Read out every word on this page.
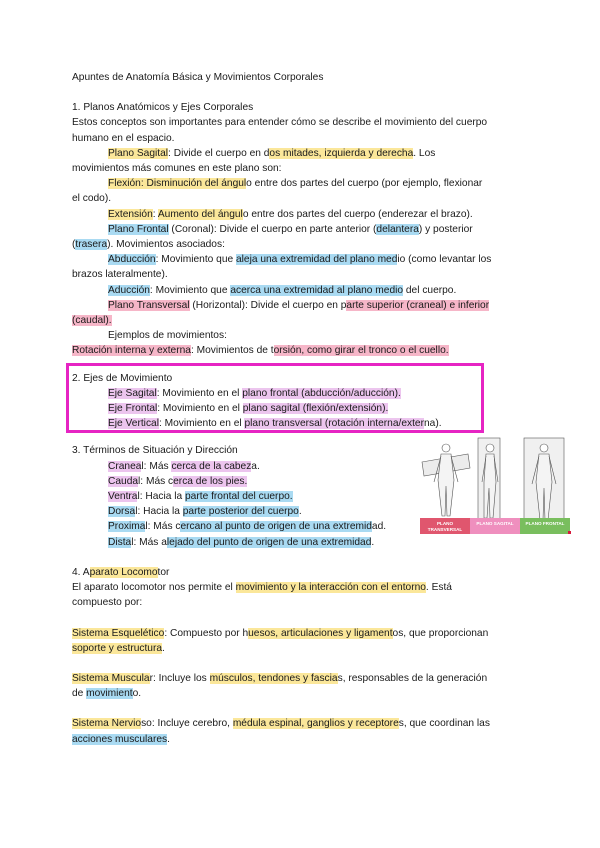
Apuntes de Anatomía Básica y Movimientos Corporales
1. Planos Anatómicos y Ejes Corporales
Estos conceptos son importantes para entender cómo se describe el movimiento del cuerpo
humano en el espacio.
Plano Sagital: Divide el cuerpo en dos mitades, izquierda y derecha. Los
movimientos más comunes en este plano son:
Flexión: Disminución del ángulo entre dos partes del cuerpo (por ejemplo, flexionar
el codo).
Extensión: Aumento del ángulo entre dos partes del cuerpo (enderezar el brazo).
Plano Frontal (Coronal): Divide el cuerpo en parte anterior (delantera) y posterior
(trasera). Movimientos asociados:
Abducción: Movimiento que aleja una extremidad del plano medio (como levantar los
brazos lateralmente).
Aducción: Movimiento que acerca una extremidad al plano medio del cuerpo.
Plano Transversal (Horizontal): Divide el cuerpo en parte superior (craneal) e inferior
(caudal).
Ejemplos de movimientos:
Rotación interna y externa: Movimientos de torsión, como girar el tronco o el cuello.
2. Ejes de Movimiento
Eje Sagital: Movimiento en el plano frontal (abducción/aducción).
Eje Frontal: Movimiento en el plano sagital (flexión/extensión).
Eje Vertical: Movimiento en el plano transversal (rotación interna/externa).
3. Términos de Situación y Dirección
Craneal: Más cerca de la cabeza.
Caudal: Más cerca de los pies.
Ventral: Hacia la parte frontal del cuerpo.
Dorsal: Hacia la parte posterior del cuerpo.
Proximal: Más cercano al punto de origen de una extremidad.
Distal: Más alejado del punto de origen de una extremidad.
4. Aparato Locomotor
El aparato locomotor nos permite el movimiento y la interacción con el entorno. Está
compuesto por:
Sistema Esquelético: Compuesto por huesos, articulaciones y ligamentos, que proporcionan
soporte y estructura.
Sistema Muscular: Incluye los músculos, tendones y fascias, responsables de la generación
de movimiento.
Sistema Nervioso: Incluye cerebro, médula espinal, ganglios y receptores, que coordinan las
acciones musculares.
PLANO TRANSVERSAL
PLANO SAGITAL	PLANO FRONTAL
